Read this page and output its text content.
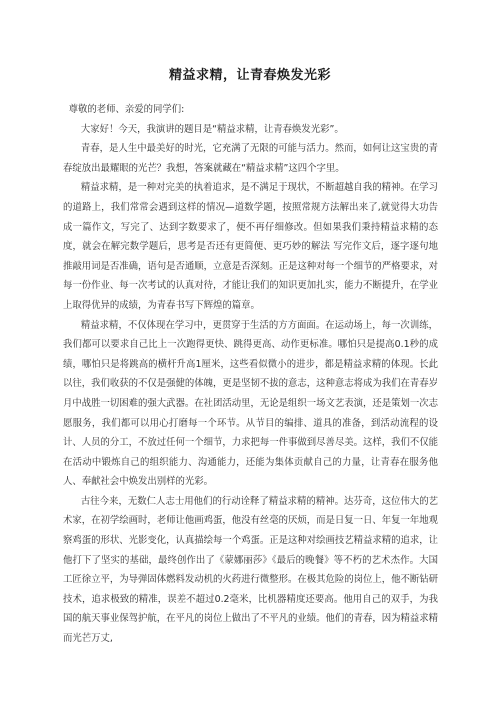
精益求精，让青春焕发光彩

尊敬的老师、亲爱的同学们:

大家好！今天，我演讲的题目是“精益求精，让青春焕发光彩”。

青春，是人生中最美好的时光，它充满了无限的可能与活力。然而，如何让这宝贵的青春绽放出最耀眼的光芒？我想，答案就藏在“精益求精”这四个字里。

精益求精，是一种对完美的执着追求，是不满足于现状，不断超越自我的精神。在学习的道路上，我们常常会遇到这样的情况—道数学题，按照常规方法解出来了,就觉得大功告成一篇作文，写完了、达到字数要求了，便不再仔细修改。但如果我们秉持精益求精的态度，就会在解完数学题后，思考是否还有更简便、更巧妙的解法 写完作文后，逐字逐句地推敲用词是否准确，语句是否通顺，立意是否深刻。正是这种对每一个细节的严格要求，对每一份作业、每一次考试的认真对待，才能让我们的知识更加扎实，能力不断提升，在学业上取得优异的成绩，为青春书写下辉煌的篇章。

精益求精，不仅体现在学习中，更贯穿于生活的方方面面。在运动场上，每一次训练，我们都可以要求自己比上一次跑得更快、跳得更高、动作更标准。哪怕只是提高0.1秒的成绩，哪怕只是将跳高的横杆升高1厘米，这些看似微小的进步，都是精益求精的体现。长此以往，我们收获的不仅是强健的体魄，更是坚韧不拔的意志，这种意志将成为我们在青春岁月中战胜一切困难的强大武器。在社团活动里，无论是组织一场文艺表演，还是策划一次志愿服务，我们都可以用心打磨每一个环节。从节目的编排、道具的准备，到活动流程的设计、人员的分工，不放过任何一个细节，力求把每一件事做到尽善尽美。这样，我们不仅能在活动中锻炼自己的组织能力、沟通能力，还能为集体贡献自己的力量，让青春在服务他人、奉献社会中焕发出别样的光彩。

古往今来，无数仁人志士用他们的行动诠释了精益求精的精神。达芬奇，这位伟大的艺术家，在初学绘画时，老师让他画鸡蛋，他没有丝毫的厌烦，而是日复一日、年复一年地观察鸡蛋的形状、光影变化，认真描绘每一个鸡蛋。正是这种对绘画技艺精益求精的追求，让他打下了坚实的基础，最终创作出了《蒙娜丽莎》《最后的晚餐》等不朽的艺术杰作。大国工匠徐立平，为导弹固体燃料发动机的火药进行微整形。在极其危险的岗位上，他不断钻研技术，追求极致的精准，误差不超过0.2毫米，比机器精度还要高。他用自己的双手，为我国的航天事业保驾护航，在平凡的岗位上做出了不平凡的业绩。他们的青春，因为精益求精而光芒万丈,
